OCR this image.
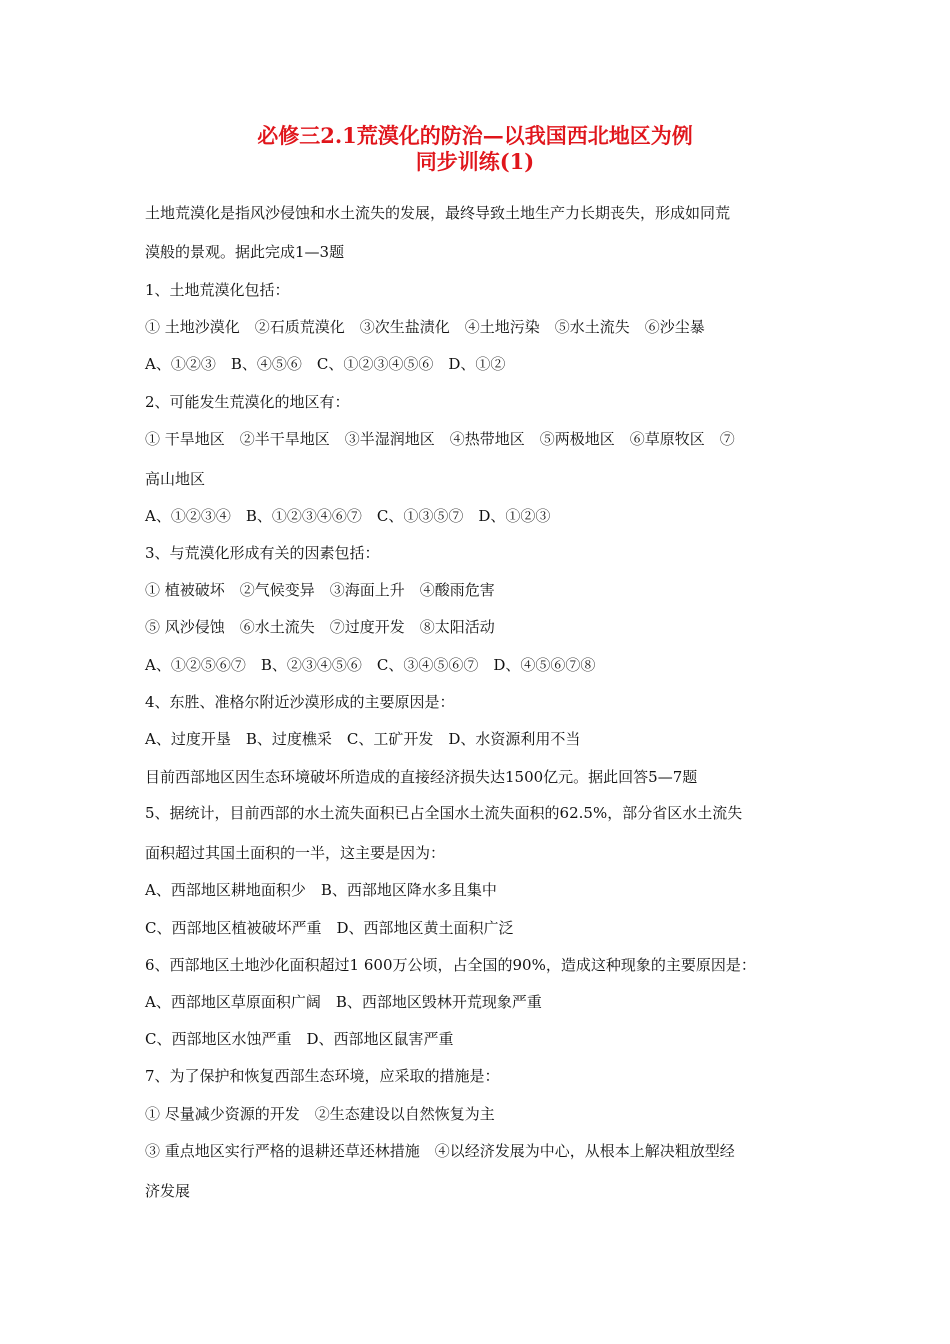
必修三2.1荒漠化的防治—以我国西北地区为例
同步训练(1)
土地荒漠化是指风沙侵蚀和水土流失的发展，最终导致土地生产力长期丧失，形成如同荒
漠般的景观。据此完成1—3题
1、土地荒漠化包括：
① 土地沙漠化　②石质荒漠化　③次生盐渍化　④土地污染　⑤水土流失　⑥沙尘暴
A、①②③　B、④⑤⑥　C、①②③④⑤⑥　D、①②
2、可能发生荒漠化的地区有：
① 干旱地区　②半干旱地区　③半湿润地区　④热带地区　⑤两极地区　⑥草原牧区　⑦
高山地区
A、①②③④　B、①②③④⑥⑦　C、①③⑤⑦　D、①②③
3、与荒漠化形成有关的因素包括：
① 植被破坏　②气候变异　③海面上升　④酸雨危害
⑤ 风沙侵蚀　⑥水土流失　⑦过度开发　⑧太阳活动
A、①②⑤⑥⑦　B、②③④⑤⑥　C、③④⑤⑥⑦　D、④⑤⑥⑦⑧
4、东胜、准格尔附近沙漠形成的主要原因是：
A、过度开垦　B、过度樵采　C、工矿开发　D、水资源利用不当
目前西部地区因生态环境破坏所造成的直接经济损失达1500亿元。据此回答5—7题
5、据统计，目前西部的水土流失面积已占全国水土流失面积的62.5%，部分省区水土流失
面积超过其国土面积的一半，这主要是因为：
A、西部地区耕地面积少　B、西部地区降水多且集中
C、西部地区植被破坏严重　D、西部地区黄土面积广泛
6、西部地区土地沙化面积超过1 600万公顷，占全国的90%，造成这种现象的主要原因是：
A、西部地区草原面积广阔　B、西部地区毁林开荒现象严重
C、西部地区水蚀严重　D、西部地区鼠害严重
7、为了保护和恢复西部生态环境，应采取的措施是：
① 尽量减少资源的开发　②生态建设以自然恢复为主
③ 重点地区实行严格的退耕还草还林措施　④以经济发展为中心，从根本上解决粗放型经
济发展
